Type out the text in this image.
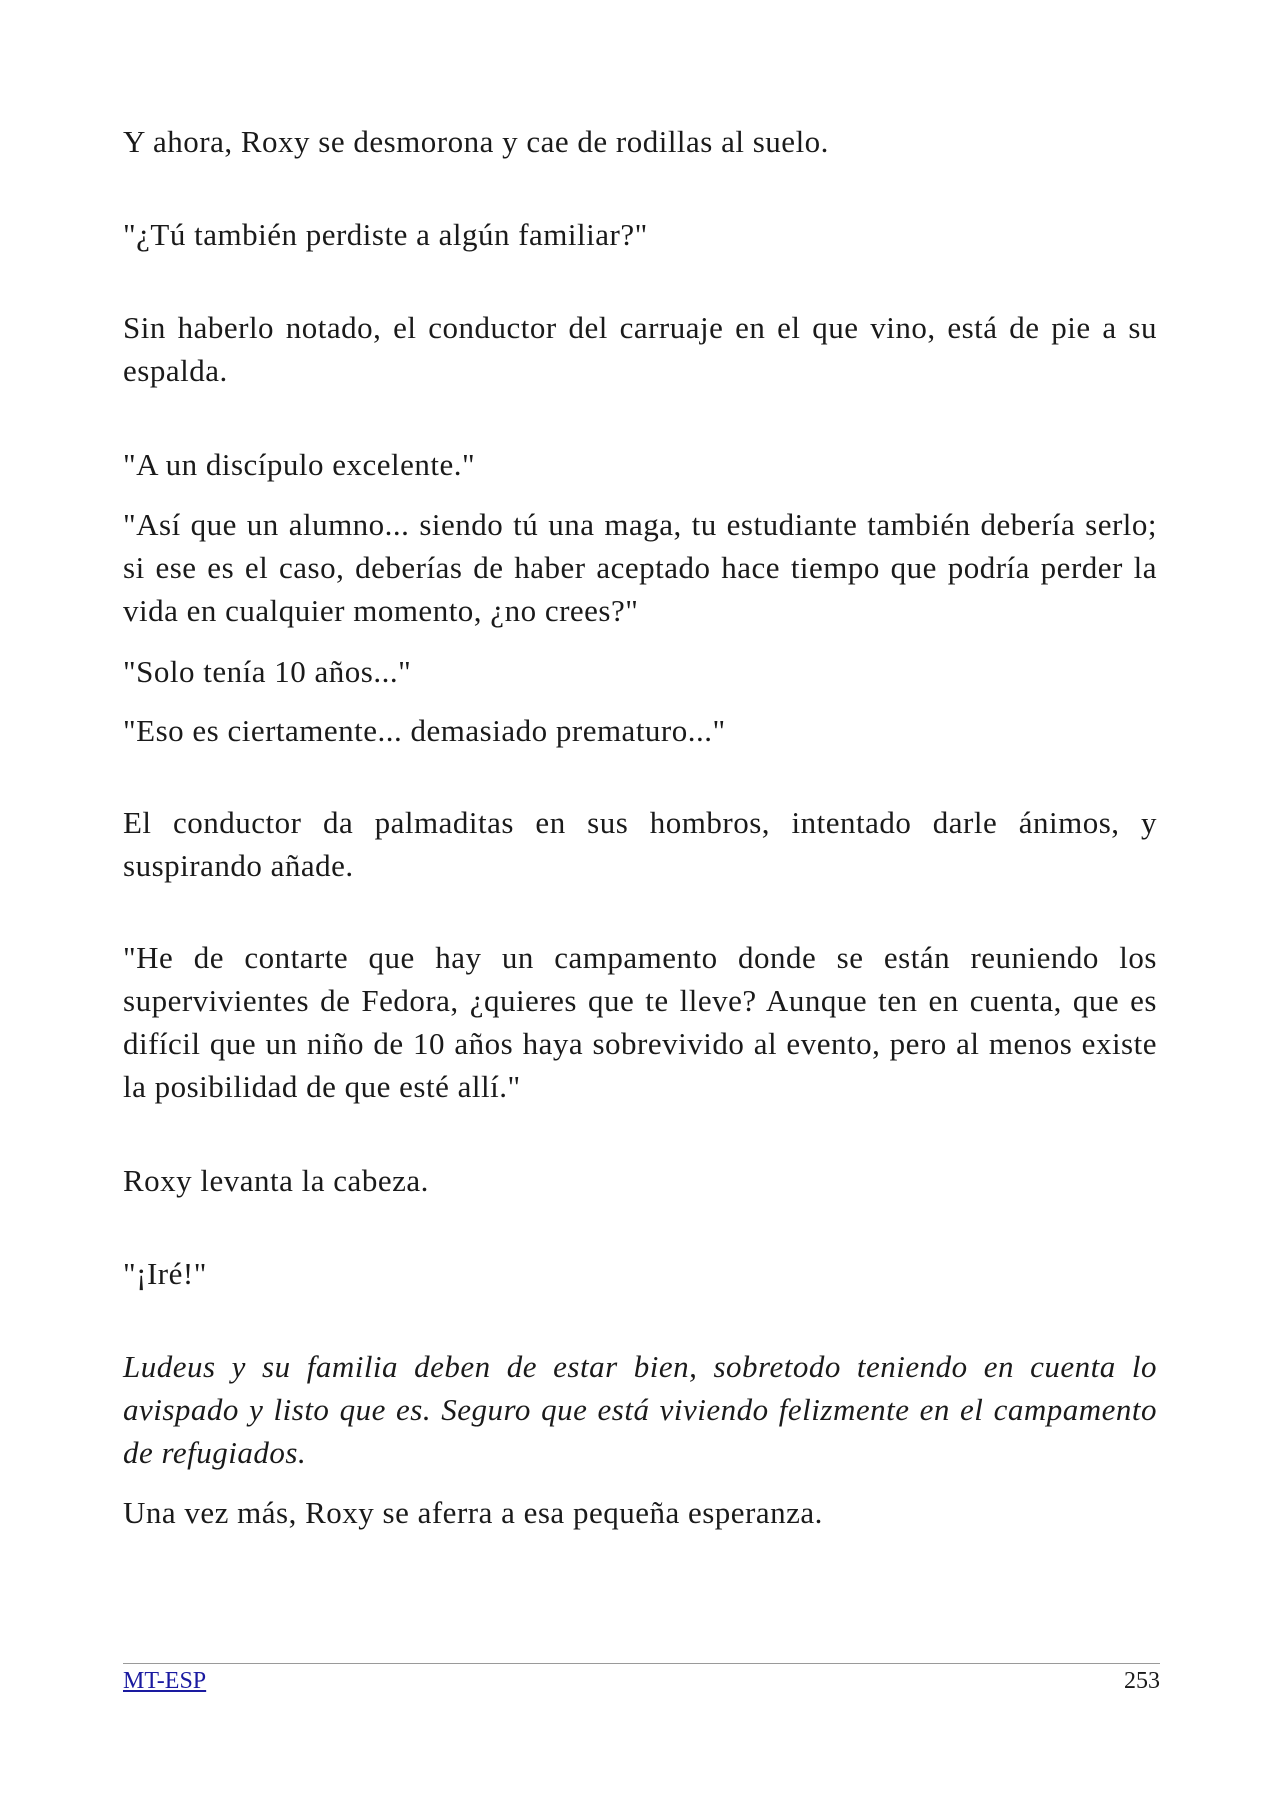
Y ahora, Roxy se desmorona y cae de rodillas al suelo.

"¿Tú también perdiste a algún familiar?"

Sin haberlo notado, el conductor del carruaje en el que vino, está de pie a su espalda.

"A un discípulo excelente."

"Así que un alumno... siendo tú una maga, tu estudiante también debería serlo; si ese es el caso, deberías de haber aceptado hace tiempo que podría perder la vida en cualquier momento, ¿no crees?"

"Solo tenía 10 años..."

"Eso es ciertamente... demasiado prematuro..."

El conductor da palmaditas en sus hombros, intentado darle ánimos, y suspirando añade.

"He de contarte que hay un campamento donde se están reuniendo los supervivientes de Fedora, ¿quieres que te lleve? Aunque ten en cuenta, que es difícil que un niño de 10 años haya sobrevivido al evento, pero al menos existe la posibilidad de que esté allí."

Roxy levanta la cabeza.

"¡Iré!"

Ludeus y su familia deben de estar bien, sobretodo teniendo en cuenta lo avispado y listo que es. Seguro que está viviendo felizmente en el campamento de refugiados.

Una vez más, Roxy se aferra a esa pequeña esperanza.

MT-ESP	253
